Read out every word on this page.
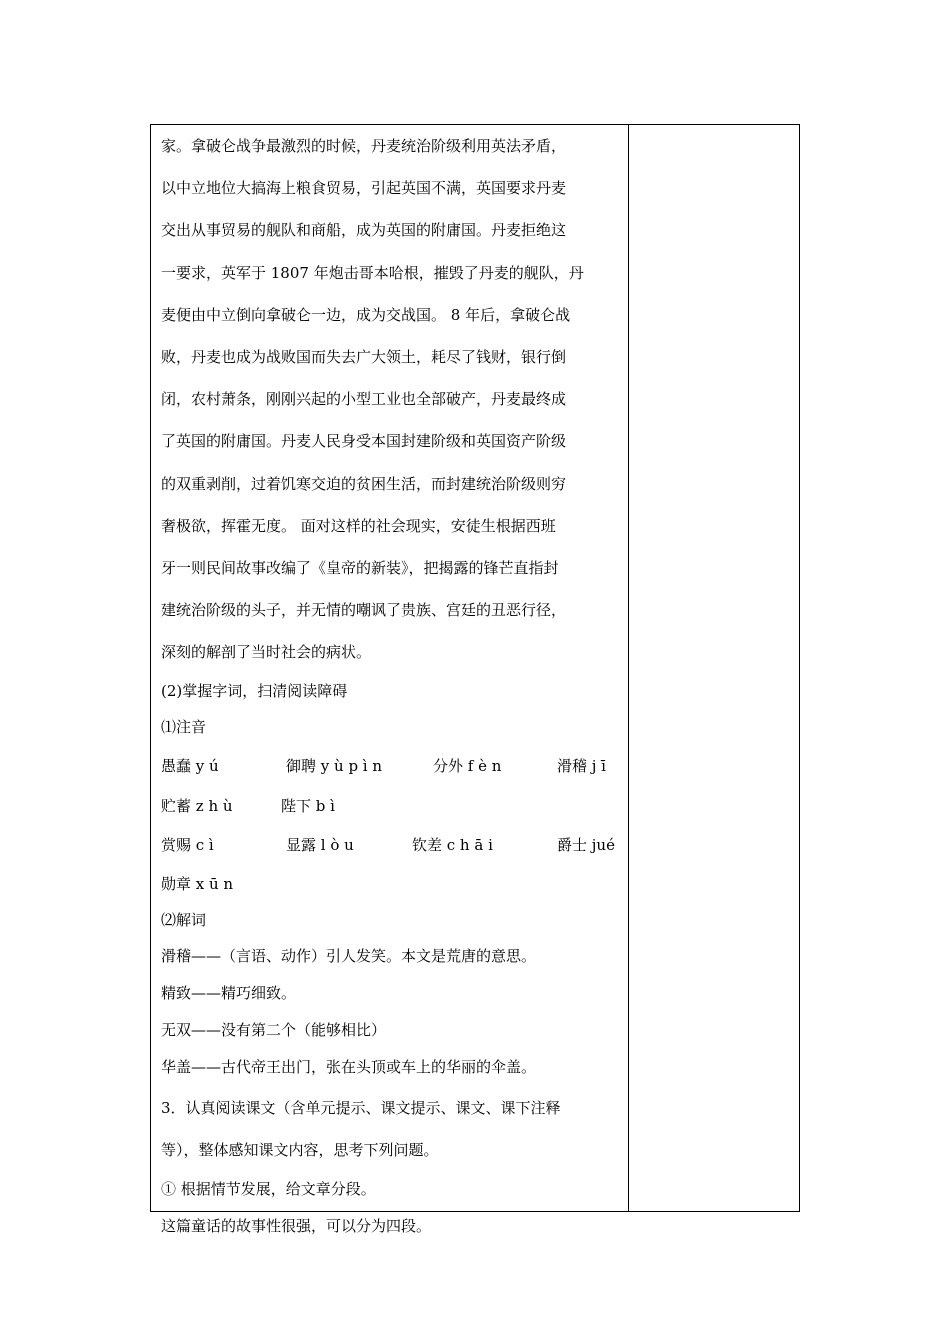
家。拿破仑战争最激烈的时候，丹麦统治阶级利用英法矛盾，

以中立地位大搞海上粮食贸易，引起英国不满，英国要求丹麦

交出从事贸易的舰队和商船，成为英国的附庸国。丹麦拒绝这

一要求，英军于 1807 年炮击哥本哈根，摧毁了丹麦的舰队，丹

麦便由中立倒向拿破仑一边，成为交战国。 8 年后，拿破仑战

败，丹麦也成为战败国而失去广大领土，耗尽了钱财，银行倒

闭，农村萧条，刚刚兴起的小型工业也全部破产，丹麦最终成

了英国的附庸国。丹麦人民身受本国封建阶级和英国资产阶级

的双重剥削，过着饥寒交迫的贫困生活，而封建统治阶级则穷

奢极欲，挥霍无度。 面对这样的社会现实，安徒生根据西班

牙一则民间故事改编了《皇帝的新装》，把揭露的锋芒直指封

建统治阶级的头子，并无情的嘲讽了贵族、宫廷的丑恶行径，

深刻的解剖了当时社会的病状。

(2)掌握字词，扫清阅读障碍

⑴注音

愚蠢 y ú	御聘 y ù p ì n	分外 f è n	滑稽 j ī
贮蓄 z h ù	陛下 b ì
赏赐 c ì	显露 l ò u	钦差 c h ā i	爵士 jué
勋章 x ū n

⑵解词

滑稽——（言语、动作）引人发笑。本文是荒唐的意思。

精致——精巧细致。

无双——没有第二个（能够相比）

华盖——古代帝王出门，张在头顶或车上的华丽的伞盖。

3．认真阅读课文（含单元提示、课文提示、课文、课下注释

等），整体感知课文内容，思考下列问题。

① 根据情节发展，给文章分段。

这篇童话的故事性很强，可以分为四段。
